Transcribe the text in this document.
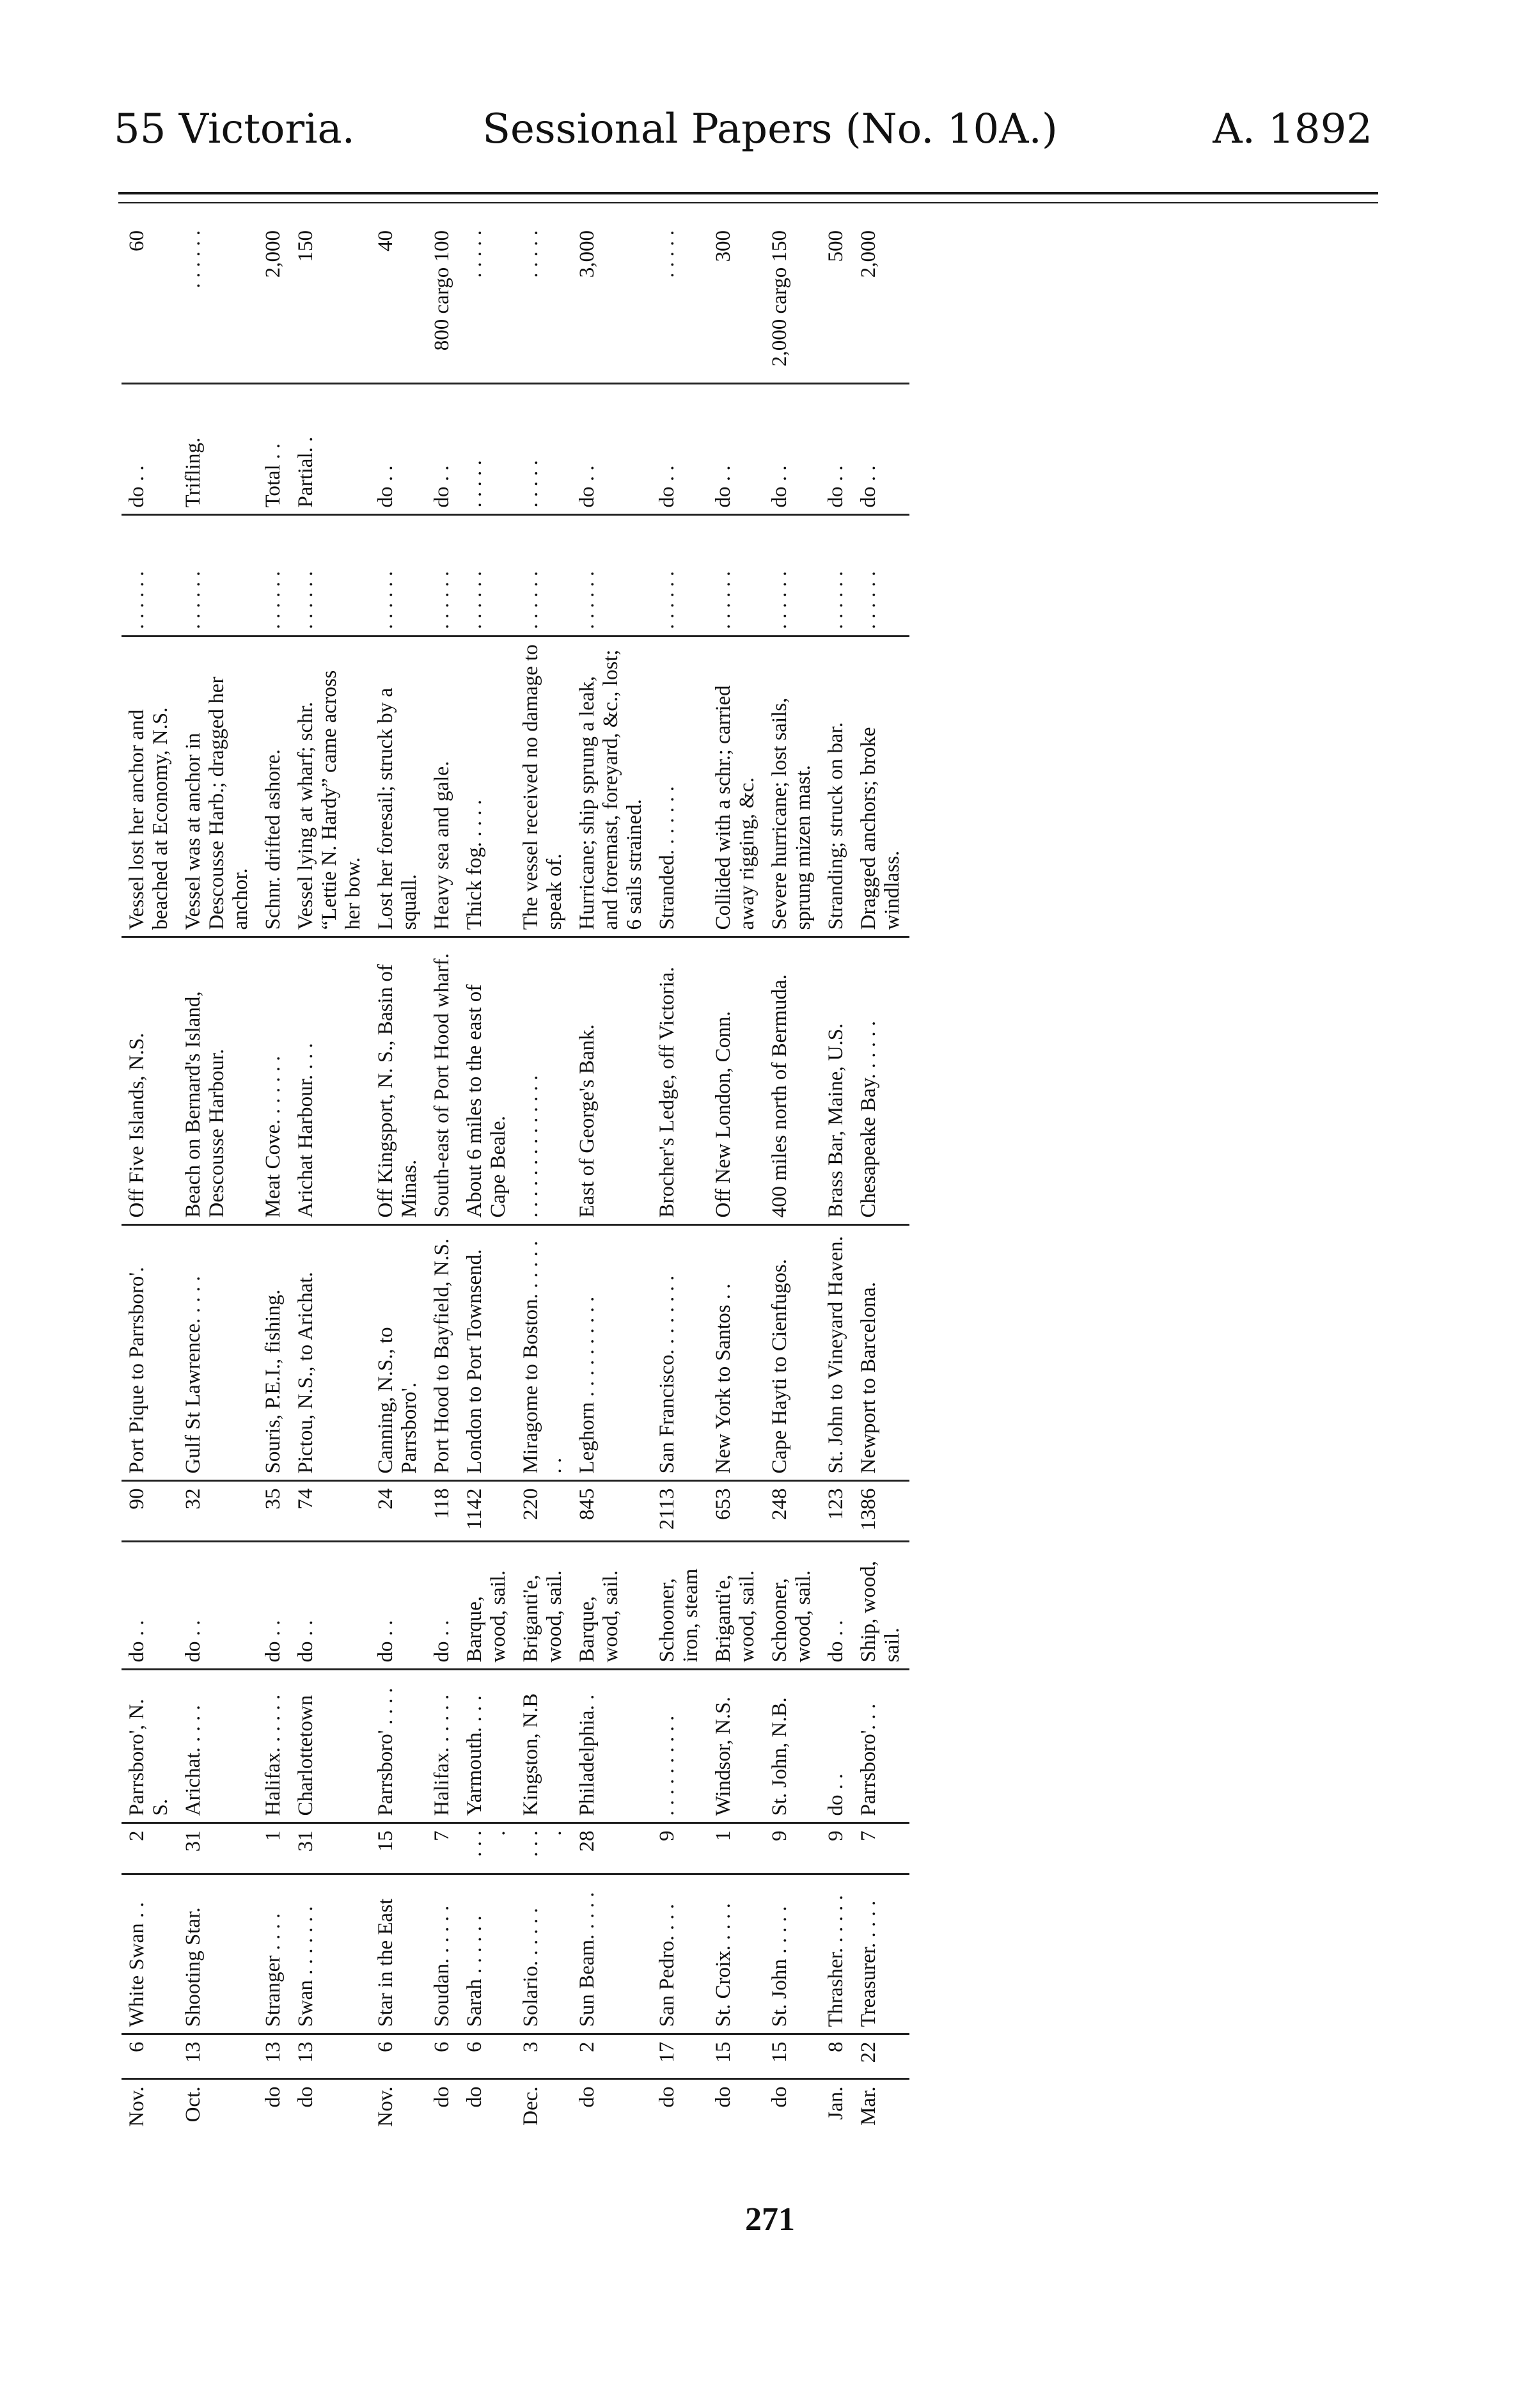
55 Victoria.	Sessional Papers (No. 10A.)	A. 1892
Nov.	6	White Swan . .	2	Parrsboro', N. S.	do . .	90	Port Pique to Parrsboro'.	Off Five Islands, N.S.	Vessel lost her anchor and beached at Economy, N.S.	. . . . . .	do . .	60
Oct.	13	Shooting Star.	31	Arichat. . . . .	do . .	32	Gulf St Lawrence. . . . .	Beach on Bernard's Island, Descousse Harbour.	Vessel was at anchor in Descousse Harb.; dragged her anchor.	. . . . . .	Trifling.	. . . . . .
do	13	Stranger . . . .	1	Halifax. . . . . .	do . .	35	Souris, P.E.I., fishing.	Meat Cove. . . . . . .	Schnr. drifted ashore.	. . . . . .	Total . .	2,000
do	13	Swan . . . . . . .	31	Charlottetown	do . .	74	Pictou, N.S., to Arichat.	Arichat Harbour. . . .	Vessel lying at wharf; schr. “Lettie N. Hardy” came across her bow.	. . . . . .	Partial. .	150
Nov.	6	Star in the East	15	Parrsboro' . . . .	do . .	24	Canning, N.S., to Parrsboro'.	Off Kingsport, N. S., Basin of Minas.	Lost her foresail; struck by a squall.	. . . . . .	do . .	40
do	6	Soudan. . . . . .	7	Halifax. . . . . .	do . .	118	Port Hood to Bayfield, N.S.	South-east of Port Hood wharf.	Heavy sea and gale.	. . . . . .	do . .	800 cargo 100
do	6	Sarah . . . . . .	. . . .	Yarmouth. . . .	Barque, wood, sail.	1142	London to Port Townsend.	About 6 miles to the east of Cape Beale.	Thick fog. . . . .	. . . . . .	. . . . .	. . . . .
Dec.	3	Solario. . . . . .	. . . .	Kingston, N.B	Briganti'e, wood, sail.	220	Miragome to Boston. . . . . . . .	. . . . . . . . . . . . . .	The vessel received no damage to speak of.	. . . . . .	. . . . .	. . . . .
do	2	Sun Beam. . . . .	28	Philadelphia. .	Barque, wood, sail.	845	Leghorn . . . . . . . . . .	East of George's Bank.	Hurricane; ship sprung a leak, and foremast, foreyard, &c., lost; 6 sails strained.	. . . . . .	do . .	3,000
do	17	San Pedro. . . .	9	. . . . . . . . . .	Schooner, iron, steam	2113	San Francisco. . . . . . . .	Brocher's Ledge, off Victoria.	Stranded. . . . . . .	. . . . . .	do . .	. . . . .
do	15	St. Croix. . . . .	1	Windsor, N.S.	Briganti'e, wood, sail.	653	New York to Santos . .	Off New London, Conn.	Collided with a schr.; carried away rigging, &c.	. . . . . .	do . .	300
do	15	St. John . . . . .	9	St. John, N.B.	Schooner, wood, sail.	248	Cape Hayti to Cienfugos.	400 miles north of Bermuda.	Severe hurricane; lost sails, sprung mizen mast.	. . . . . .	do . .	2,000 cargo 150
Jan.	8	Thrasher. . . . . .	9	do . .	do . .	123	St. John to Vineyard Haven.	Brass Bar, Maine, U.S.	Stranding; struck on bar.	. . . . . .	do . .	500
Mar.	22	Treasurer. . . . .	7	Parrsboro'. . .	Ship, wood, sail.	1386	Newport to Barcelona.	Chesapeake Bay. . . . . .	Dragged anchors; broke windlass.	. . . . . .	do . .	2,000
271
